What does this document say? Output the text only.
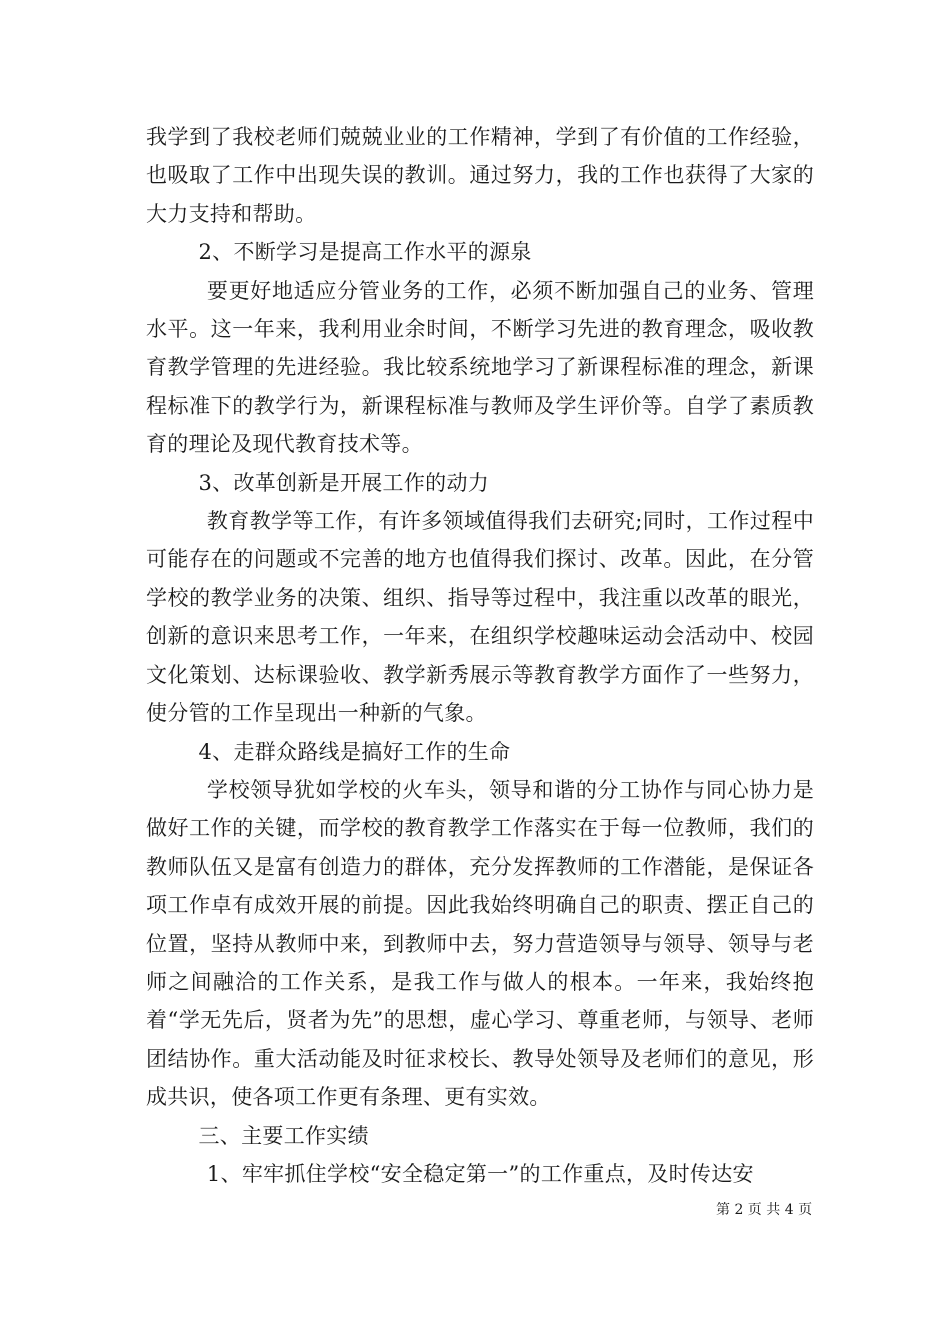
我学到了我校老师们兢兢业业的工作精神，学到了有价值的工作经验，也吸取了工作中出现失误的教训。通过努力，我的工作也获得了大家的大力支持和帮助。

2、不断学习是提高工作水平的源泉

要更好地适应分管业务的工作，必须不断加强自己的业务、管理水平。这一年来，我利用业余时间，不断学习先进的教育理念，吸收教育教学管理的先进经验。我比较系统地学习了新课程标准的理念，新课程标准下的教学行为，新课程标准与教师及学生评价等。自学了素质教育的理论及现代教育技术等。

3、改革创新是开展工作的动力

教育教学等工作，有许多领域值得我们去研究;同时，工作过程中可能存在的问题或不完善的地方也值得我们探讨、改革。因此，在分管学校的教学业务的决策、组织、指导等过程中，我注重以改革的眼光，创新的意识来思考工作，一年来，在组织学校趣味运动会活动中、校园文化策划、达标课验收、教学新秀展示等教育教学方面作了一些努力，使分管的工作呈现出一种新的气象。

4、走群众路线是搞好工作的生命

学校领导犹如学校的火车头，领导和谐的分工协作与同心协力是做好工作的关键，而学校的教育教学工作落实在于每一位教师，我们的教师队伍又是富有创造力的群体，充分发挥教师的工作潜能，是保证各项工作卓有成效开展的前提。因此我始终明确自己的职责、摆正自己的位置，坚持从教师中来，到教师中去，努力营造领导与领导、领导与老师之间融洽的工作关系，是我工作与做人的根本。一年来，我始终抱着“学无先后，贤者为先”的思想，虚心学习、尊重老师，与领导、老师团结协作。重大活动能及时征求校长、教导处领导及老师们的意见，形成共识，使各项工作更有条理、更有实效。

三、主要工作实绩

1、牢牢抓住学校“安全稳定第一”的工作重点，及时传达安

第 2 页 共 4 页
